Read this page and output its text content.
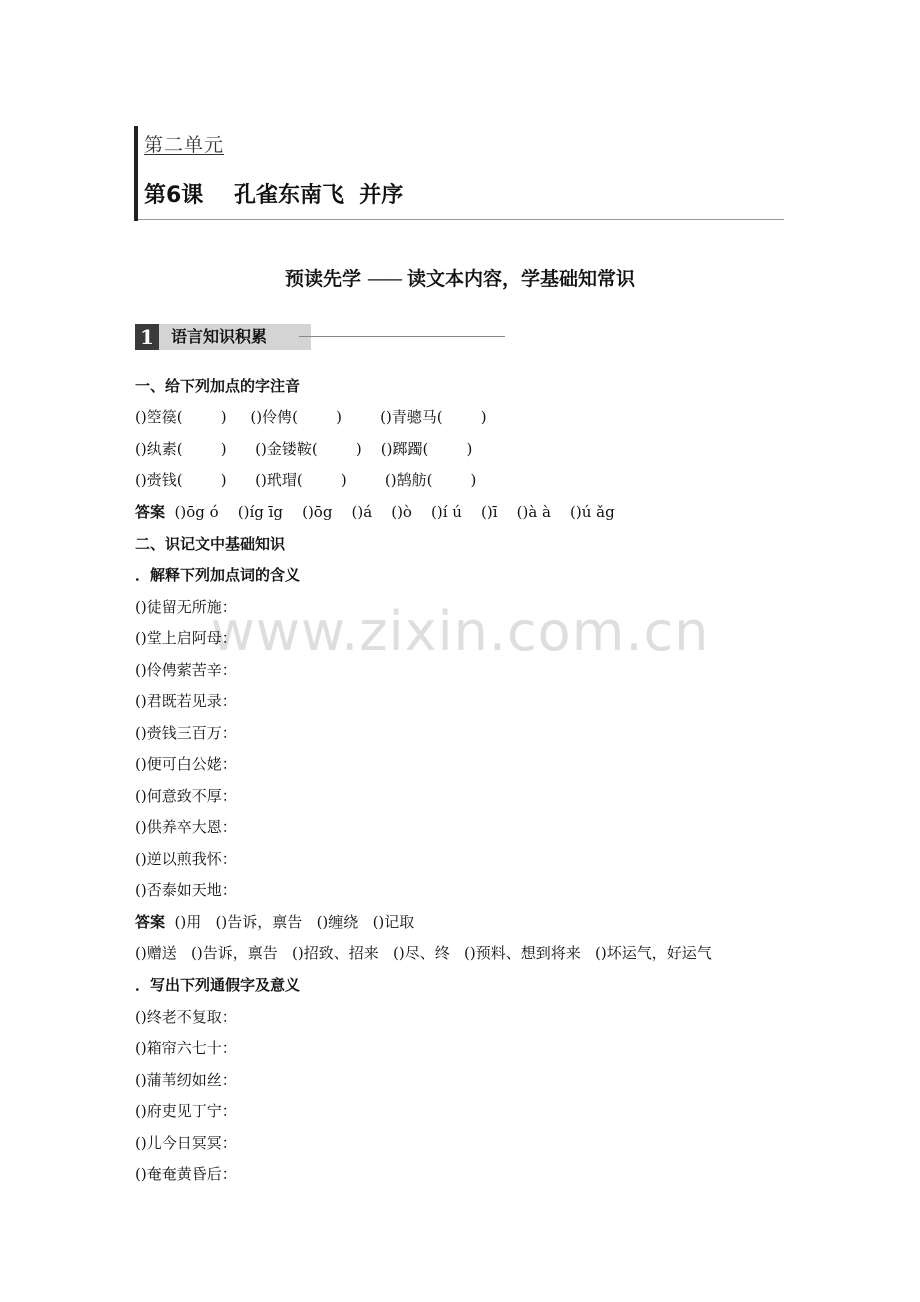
第二单元
第6课    孔雀东南飞  并序
预读先学 —— 读文本内容，学基础知常识
1	语言知识积累
www.zixin.com.cn
一、给下列加点的字注音
()箜篌(        )     ()伶俜(        )        ()青骢马(        )
()纨素(        )      ()金镂鞍(        )    ()踯躅(        )
()赍钱(        )      ()玳瑁(        )        ()鹄舫(        )
答案  ()ōg ó    ()íg īg    ()ōg    ()á    ()ò    ()í ú    ()ī    ()à à    ()ú ǎg
二、识记文中基础知识
．解释下列加点词的含义
()徒留无所施：
()堂上启阿母：
()伶俜萦苦辛：
()君既若见录：
()赍钱三百万：
()便可白公姥：
()何意致不厚：
()供养卒大恩：
()逆以煎我怀：
()否泰如天地：
答案  ()用   ()告诉，禀告   ()缠绕   ()记取
()赠送   ()告诉，禀告   ()招致、招来   ()尽、终   ()预料、想到将来   ()坏运气，好运气
．写出下列通假字及意义
()终老不复取：
()箱帘六七十：
()蒲苇纫如丝：
()府吏见丁宁：
()儿今日冥冥：
()奄奄黄昏后：
